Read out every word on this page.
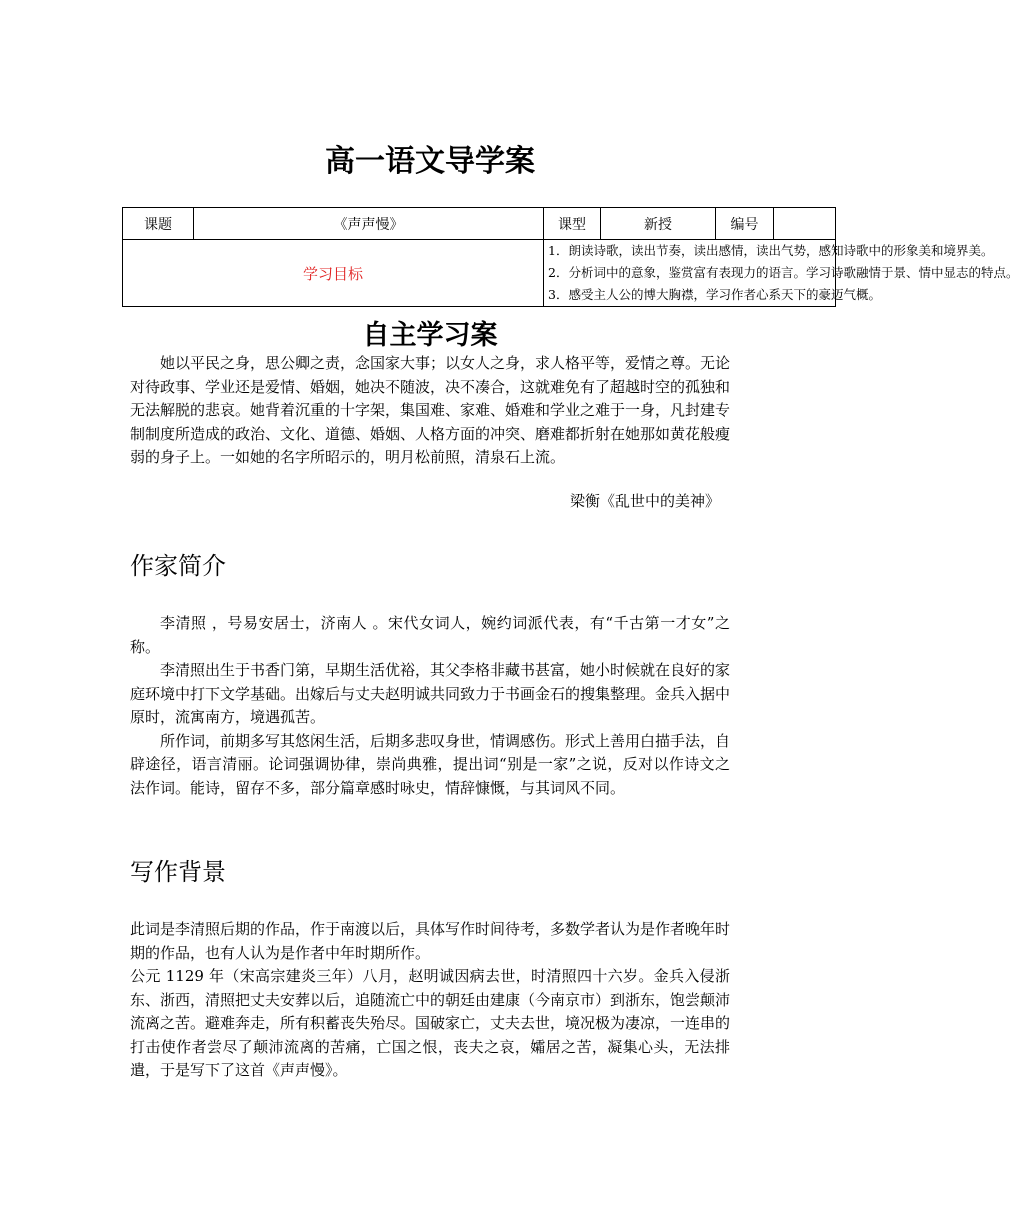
高一语文导学案
课题	《声声慢》	课型	新授	编号	
学习目标		1．朗读诗歌，读出节奏，读出感情，读出气势，感知诗歌中的形象美和境界美。
2．分析词中的意象，鉴赏富有表现力的语言。学习诗歌融情于景、情中显志的特点。
3．感受主人公的博大胸襟，学习作者心系天下的豪迈气概。			
自主学习案

她以平民之身，思公卿之责，念国家大事；以女人之身，求人格平等，爱情之尊。无论对待政事、学业还是爱情、婚姻，她决不随波，决不凑合，这就难免有了超越时空的孤独和无法解脱的悲哀。她背着沉重的十字架，集国难、家难、婚难和学业之难于一身，凡封建专制制度所造成的政治、文化、道德、婚姻、人格方面的冲突、磨难都折射在她那如黄花般瘦弱的身子上。一如她的名字所昭示的，明月松前照，清泉石上流。

梁衡《乱世中的美神》
作家简介

李清照 ，号易安居士，济南人 。宋代女词人，婉约词派代表，有“千古第一才女”之称。

李清照出生于书香门第，早期生活优裕，其父李格非藏书甚富，她小时候就在良好的家庭环境中打下文学基础。出嫁后与丈夫赵明诚共同致力于书画金石的搜集整理。金兵入据中原时，流寓南方，境遇孤苦。

所作词，前期多写其悠闲生活，后期多悲叹身世，情调感伤。形式上善用白描手法，自辟途径，语言清丽。论词强调协律，崇尚典雅，提出词“别是一家”之说，反对以作诗文之法作词。能诗，留存不多，部分篇章感时咏史，情辞慷慨，与其词风不同。

写作背景

此词是李清照后期的作品，作于南渡以后，具体写作时间待考，多数学者认为是作者晚年时期的作品，也有人认为是作者中年时期所作。

公元 1129 年（宋高宗建炎三年）八月，赵明诚因病去世，时清照四十六岁。金兵入侵浙东、浙西，清照把丈夫安葬以后，追随流亡中的朝廷由建康（今南京市）到浙东，饱尝颠沛流离之苦。避难奔走，所有积蓄丧失殆尽。国破家亡，丈夫去世，境况极为凄凉，一连串的打击使作者尝尽了颠沛流离的苦痛，亡国之恨，丧夫之哀，孀居之苦，凝集心头，无法排遣，于是写下了这首《声声慢》。
